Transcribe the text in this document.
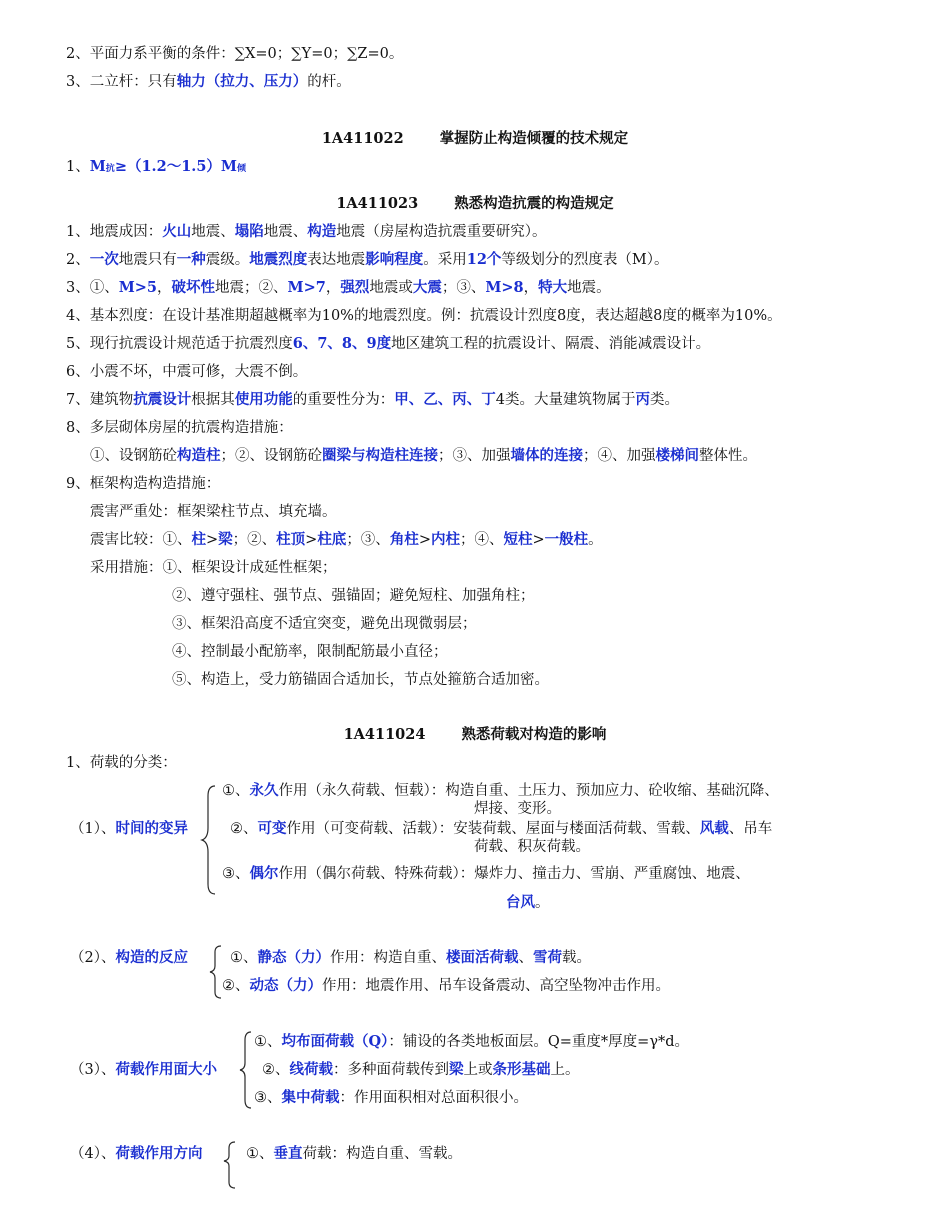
2、平面力系平衡的条件：∑X=0；∑Y=0；∑Z=0。
3、二立杆：只有轴力（拉力、压力）的杆。
1A411022 掌握防止构造倾覆的技术规定
1、M抗≥（1.2～1.5）M倾
1A411023 熟悉构造抗震的构造规定
1、地震成因：火山地震、塌陷地震、构造地震（房屋构造抗震重要研究）。
2、一次地震只有一种震级。地震烈度表达地震影响程度。采用12个等级划分的烈度表（M）。
3、①、M>5，破坏性地震；②、M>7，强烈地震或大震；③、M>8，特大地震。
4、基本烈度：在设计基准期超越概率为10%的地震烈度。例：抗震设计烈度8度，表达超越8度的概率为10%。
5、现行抗震设计规范适于抗震烈度6、7、8、9度地区建筑工程的抗震设计、隔震、消能减震设计。
6、小震不坏，中震可修，大震不倒。
7、建筑物抗震设计根据其使用功能的重要性分为：甲、乙、丙、丁4类。大量建筑物属于丙类。
8、多层砌体房屋的抗震构造措施：
①、设钢筋砼构造柱；②、设钢筋砼圈梁与构造柱连接；③、加强墙体的连接；④、加强楼梯间整体性。
9、框架构造构造措施：
震害严重处：框架梁柱节点、填充墙。
震害比较：①、柱>梁；②、柱顶>柱底；③、角柱>内柱；④、短柱>一般柱。
采用措施：①、框架设计成延性框架；
②、遵守强柱、强节点、强锚固；避免短柱、加强角柱；
③、框架沿高度不适宜突变，避免出现微弱层；
④、控制最小配筋率，限制配筋最小直径；
⑤、构造上，受力筋锚固合适加长，节点处箍筋合适加密。
1A411024 熟悉荷载对构造的影响
1、荷载的分类：
（1）、时间的变异
①、永久作用（永久荷载、恒载）：构造自重、土压力、预加应力、砼收缩、基础沉降、
焊接、变形。
②、可变作用（可变荷载、活载）：安装荷载、屋面与楼面活荷载、雪载、风载、吊车
荷载、积灰荷载。
③、偶尔作用（偶尔荷载、特殊荷载）：爆炸力、撞击力、雪崩、严重腐蚀、地震、
台风。
（2）、构造的反应	①、静态（力）作用：构造自重、楼面活荷载、雪荷载。
②、动态（力）作用：地震作用、吊车设备震动、高空坠物冲击作用。
（3）、荷载作用面大小
①、均布面荷载（Q）：铺设的各类地板面层。Q=重度*厚度=γ*d。
②、线荷载：多种面荷载传到梁上或条形基础上。
③、集中荷载：作用面积相对总面积很小。
（4）、荷载作用方向	①、垂直荷载：构造自重、雪载。
